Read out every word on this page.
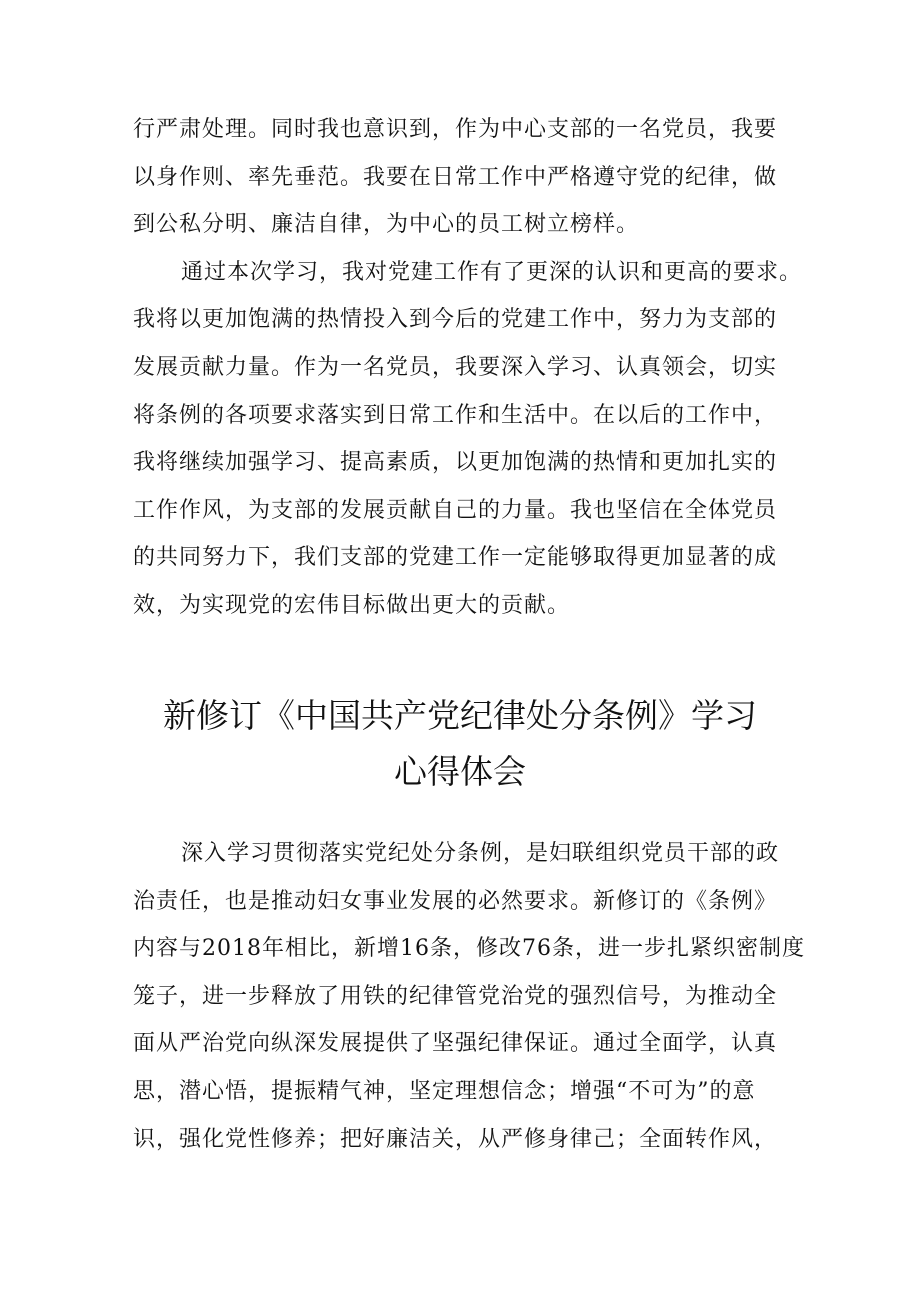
行严肃处理。同时我也意识到，作为中心支部的一名党员，我要
以身作则、率先垂范。我要在日常工作中严格遵守党的纪律，做
到公私分明、廉洁自律，为中心的员工树立榜样。
通过本次学习，我对党建工作有了更深的认识和更高的要求。
我将以更加饱满的热情投入到今后的党建工作中，努力为支部的
发展贡献力量。作为一名党员，我要深入学习、认真领会，切实
将条例的各项要求落实到日常工作和生活中。在以后的工作中，
我将继续加强学习、提高素质，以更加饱满的热情和更加扎实的
工作作风，为支部的发展贡献自己的力量。我也坚信在全体党员
的共同努力下，我们支部的党建工作一定能够取得更加显著的成
效，为实现党的宏伟目标做出更大的贡献。
新修订《中国共产党纪律处分条例》学习
心得体会
深入学习贯彻落实党纪处分条例，是妇联组织党员干部的政
治责任，也是推动妇女事业发展的必然要求。新修订的《条例》
内容与2018年相比，新增16条，修改76条，进一步扎紧织密制度
笼子，进一步释放了用铁的纪律管党治党的强烈信号，为推动全
面从严治党向纵深发展提供了坚强纪律保证。通过全面学，认真
思，潜心悟，提振精气神，坚定理想信念；增强“不可为”的意
识，强化党性修养；把好廉洁关，从严修身律己；全面转作风，
